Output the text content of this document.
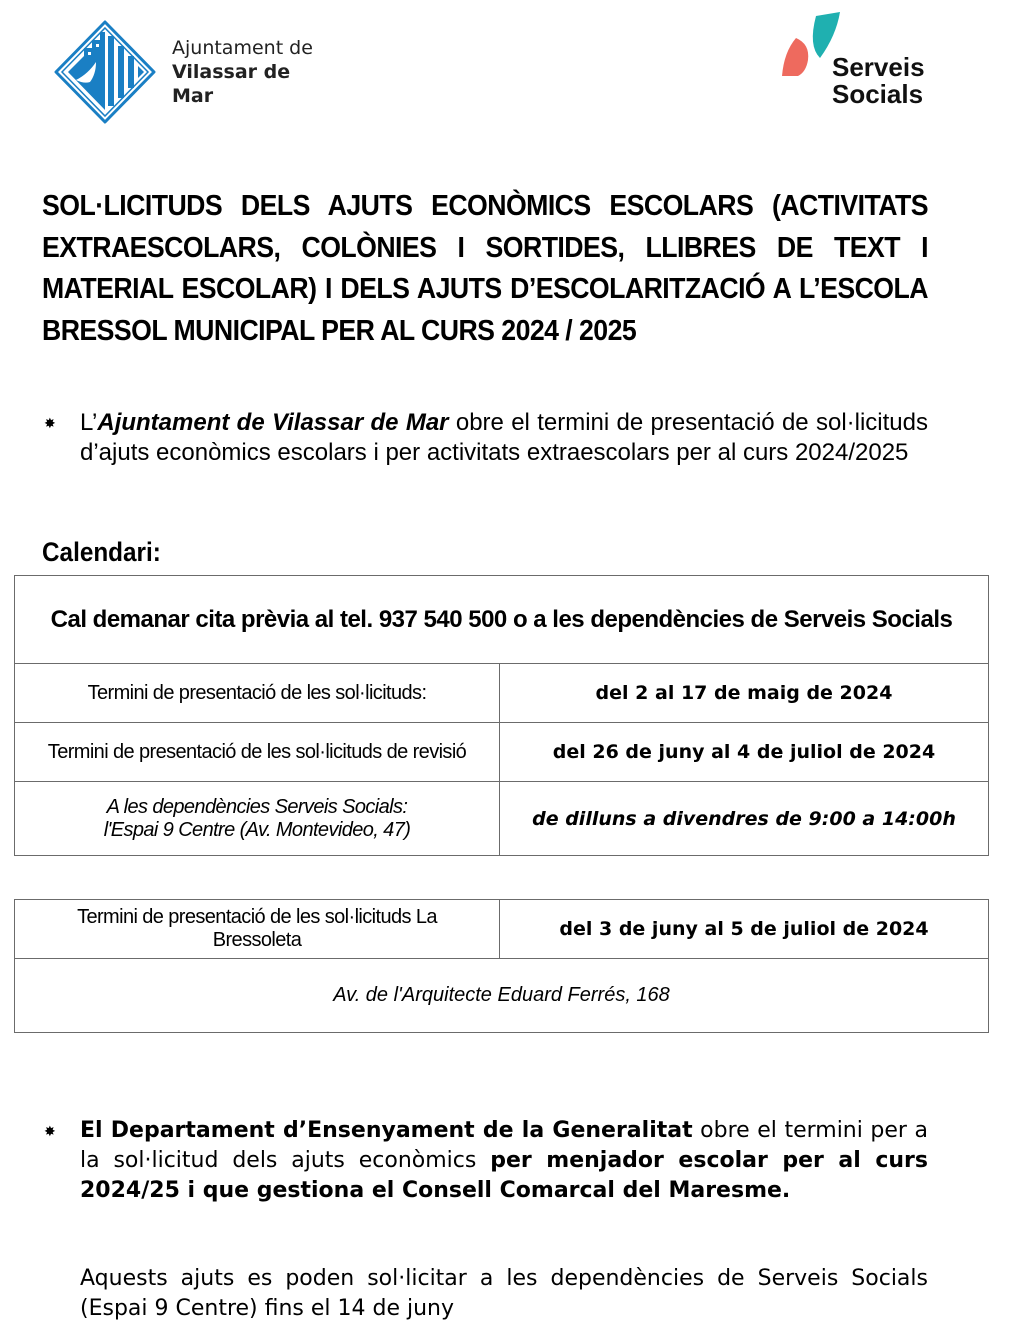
Ajuntament de
Vilassar de Mar
Serveis
Socials
SOL·LICITUDS DELS AJUTS ECONÒMICS ESCOLARS (ACTIVITATS EXTRAESCOLARS, COLÒNIES I SORTIDES, LLIBRES DE TEXT I MATERIAL ESCOLAR) I DELS AJUTS D’ESCOLARITZACIÓ A L’ESCOLA BRESSOL MUNICIPAL PER AL CURS 2024 / 2025
✸ L’Ajuntament de Vilassar de Mar obre el termini de presentació de sol·licituds d’ajuts econòmics escolars i per activitats extraescolars per al curs 2024/2025

Calendari:
Cal demanar cita prèvia al tel. 937 540 500 o a les dependències de Serveis Socials	
Termini de presentació de les sol·licituds:	del 2 al 17 de maig de 2024
Termini de presentació de les sol·licituds de revisió	del 26 de juny al 4 de juliol de 2024

A les dependències Serveis Socials:
l'Espai 9 Centre (Av. Montevideo, 47)	de dilluns a divendres de 9:00 a 14:00h
Termini de presentació de les sol·licituds La
Bressoleta	del 3 de juny al 5 de juliol de 2024
Av. de l'Arquitecte Eduard Ferrés, 168
✸ El Departament d’Ensenyament de la Generalitat obre el termini per a la sol·licitud dels ajuts econòmics per menjador escolar per al curs 2024/25 i que gestiona el Consell Comarcal del Maresme.

Aquests ajuts es poden sol·licitar a les dependències de Serveis Socials (Espai 9 Centre) fins el 14 de juny
